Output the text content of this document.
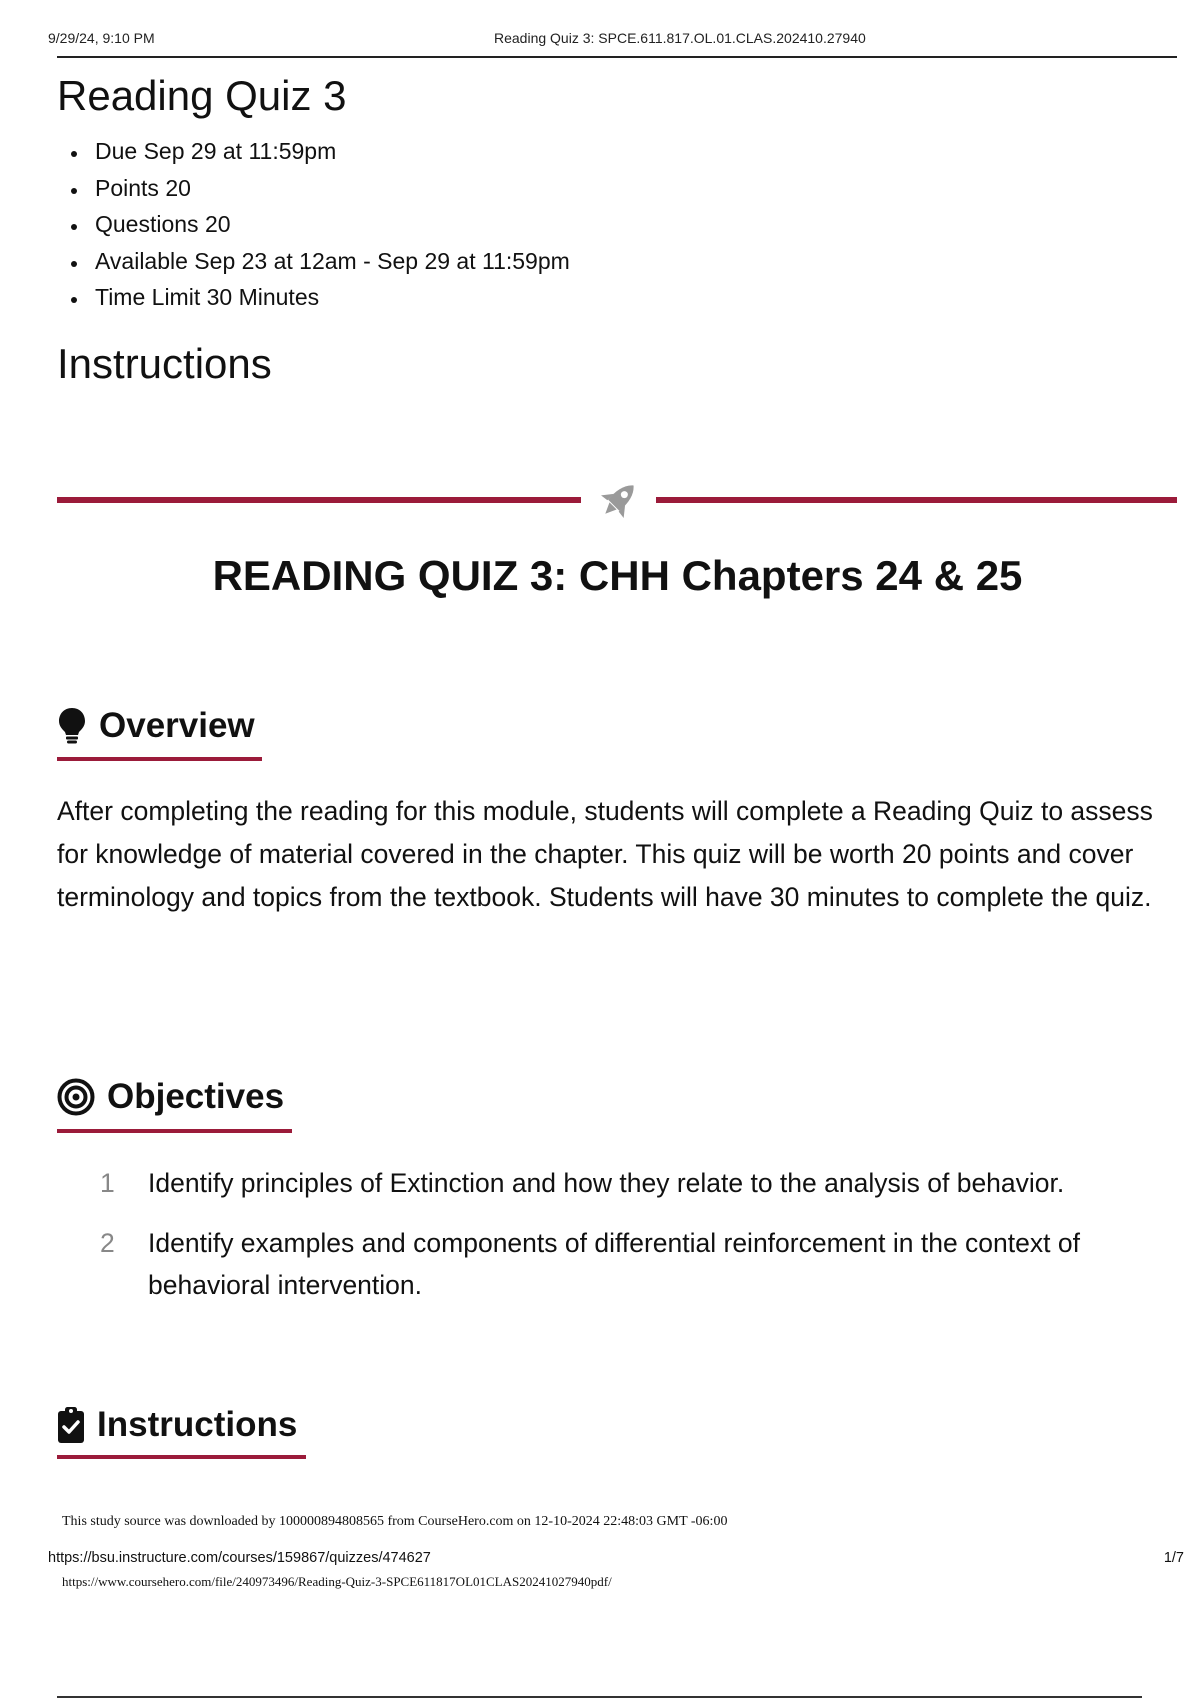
9/29/24, 9:10 PM	Reading Quiz 3: SPCE.611.817.OL.01.CLAS.202410.27940
Reading Quiz 3
Due Sep 29 at 11:59pm
Points 20
Questions 20
Available Sep 23 at 12am - Sep 29 at 11:59pm
Time Limit 30 Minutes
Instructions
READING QUIZ 3: CHH Chapters 24 & 25
Overview

After completing the reading for this module, students will complete a Reading Quiz to assess for knowledge of material covered in the chapter. This quiz will be worth 20 points and cover terminology and topics from the textbook. Students will have 30 minutes to complete the quiz.

Objectives
1	Identify principles of Extinction and how they relate to the analysis of behavior.
2	Identify examples and components of differential reinforcement in the context of behavioral intervention.
Instructions
This study source was downloaded by 100000894808565 from CourseHero.com on 12-10-2024 22:48:03 GMT -06:00
https://bsu.instructure.com/courses/159867/quizzes/474627	1/7
https://www.coursehero.com/file/240973496/Reading-Quiz-3-SPCE611817OL01CLAS20241027940pdf/
